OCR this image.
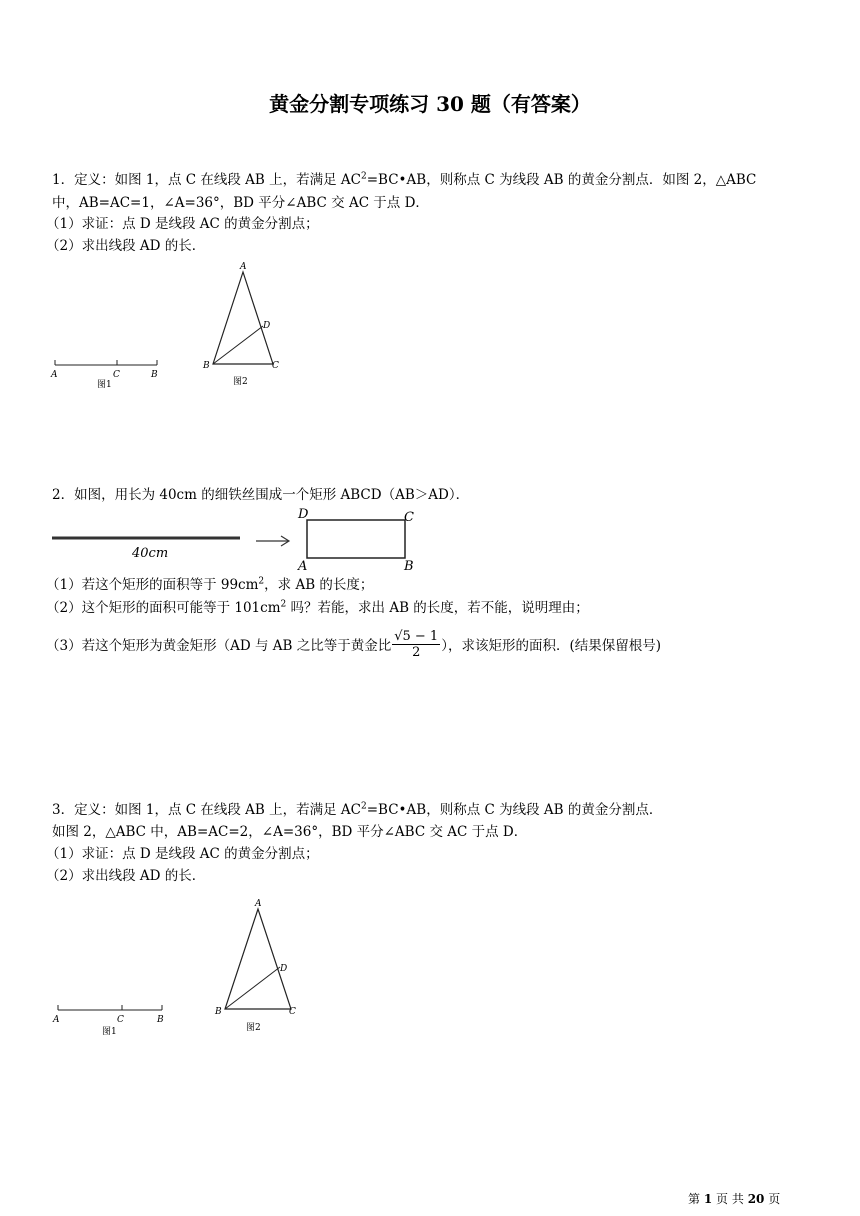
黄金分割专项练习 30 题（有答案）
1．定义：如图 1，点 C 在线段 AB 上，若满足 $AC^2=BC•AB$，则称点 C 为线段 AB 的黄金分割点．如图 2，△ABC
中，AB=AC=1，∠A=36°，BD 平分∠ABC 交 AC 于点 D．
（1）求证：点 D 是线段 AC 的黄金分割点；
（2）求出线段 AD 的长．
A	C	B
图1
A
B	C
D
图2
2．如图，用长为 40cm 的细铁丝围成一个矩形 ABCD（AB＞AD）．
40cm
D	C
A	B
（1）若这个矩形的面积等于 $99cm^2$，求 AB 的长度；
（2）这个矩形的面积可能等于 $101cm^2$ 吗？若能，求出 AB 的长度，若不能，说明理由；
（3）若这个矩形为黄金矩形（AD 与 AB 之比等于黄金比 $\frac{√5 - 1}{2}$ ），求该矩形的面积．(结果保留根号)
3．定义：如图 1，点 C 在线段 AB 上，若满足 $AC^2=BC•AB$，则称点 C 为线段 AB 的黄金分割点．
如图 2，△ABC 中，AB=AC=2，∠A=36°，BD 平分∠ABC 交 AC 于点 D．
（1）求证：点 D 是线段 AC 的黄金分割点；
（2）求出线段 AD 的长．
A	C	B
图1
A
B	C
D
图2
第 1 页 共 20 页
